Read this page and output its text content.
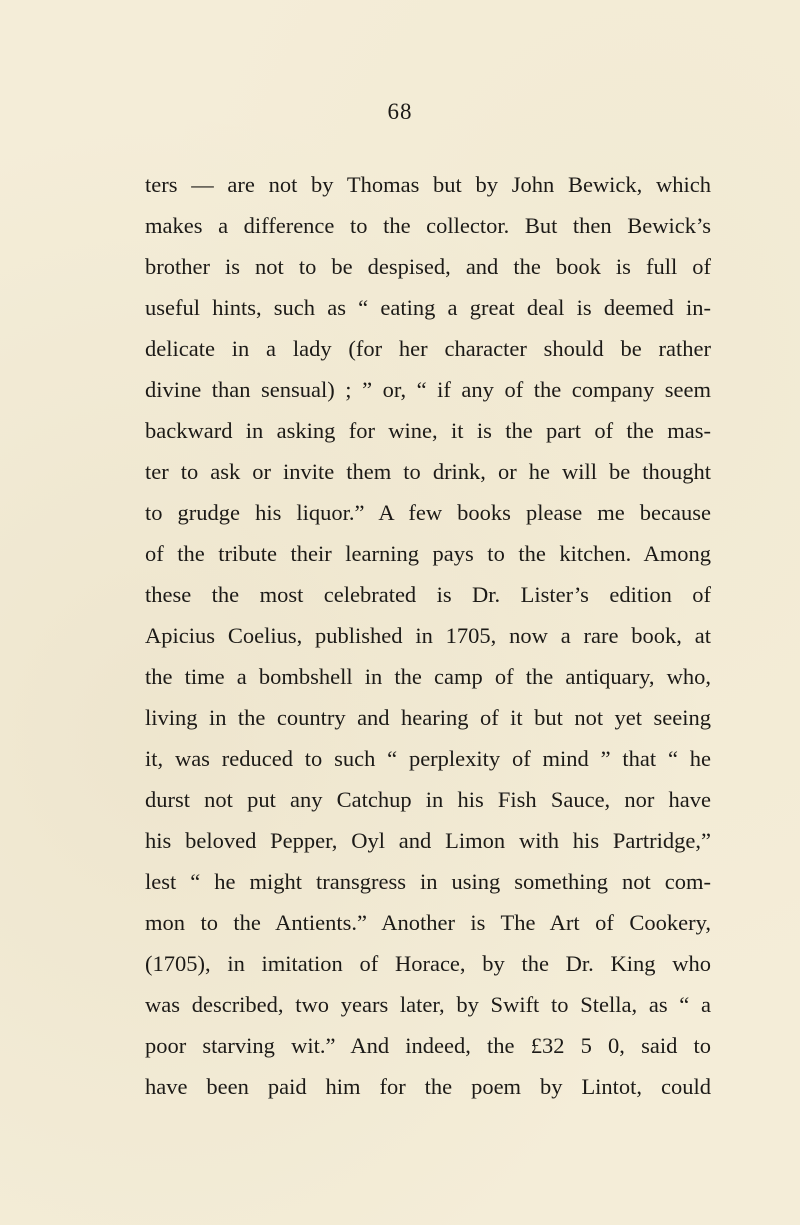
68
ters — are not by Thomas but by John Bewick, which
makes a difference to the collector. But then Bewick’s
brother is not to be despised, and the book is full of
useful hints, such as “ eating a great deal is deemed in-
delicate in a lady (for her character should be rather
divine than sensual) ; ” or, “ if any of the company seem
backward in asking for wine, it is the part of the mas-
ter to ask or invite them to drink, or he will be thought
to grudge his liquor.” A few books please me because
of the tribute their learning pays to the kitchen. Among
these the most celebrated is Dr. Lister’s edition of
Apicius Coelius, published in 1705, now a rare book, at
the time a bombshell in the camp of the antiquary, who,
living in the country and hearing of it but not yet seeing
it, was reduced to such “ perplexity of mind ” that “ he
durst not put any Catchup in his Fish Sauce, nor have
his beloved Pepper, Oyl and Limon with his Partridge,”
lest “ he might transgress in using something not com-
mon to the Antients.” Another is The Art of Cookery,
(1705), in imitation of Horace, by the Dr. King who
was described, two years later, by Swift to Stella, as “ a
poor starving wit.” And indeed, the £32 5 0, said to
have been paid him for the poem by Lintot, could
